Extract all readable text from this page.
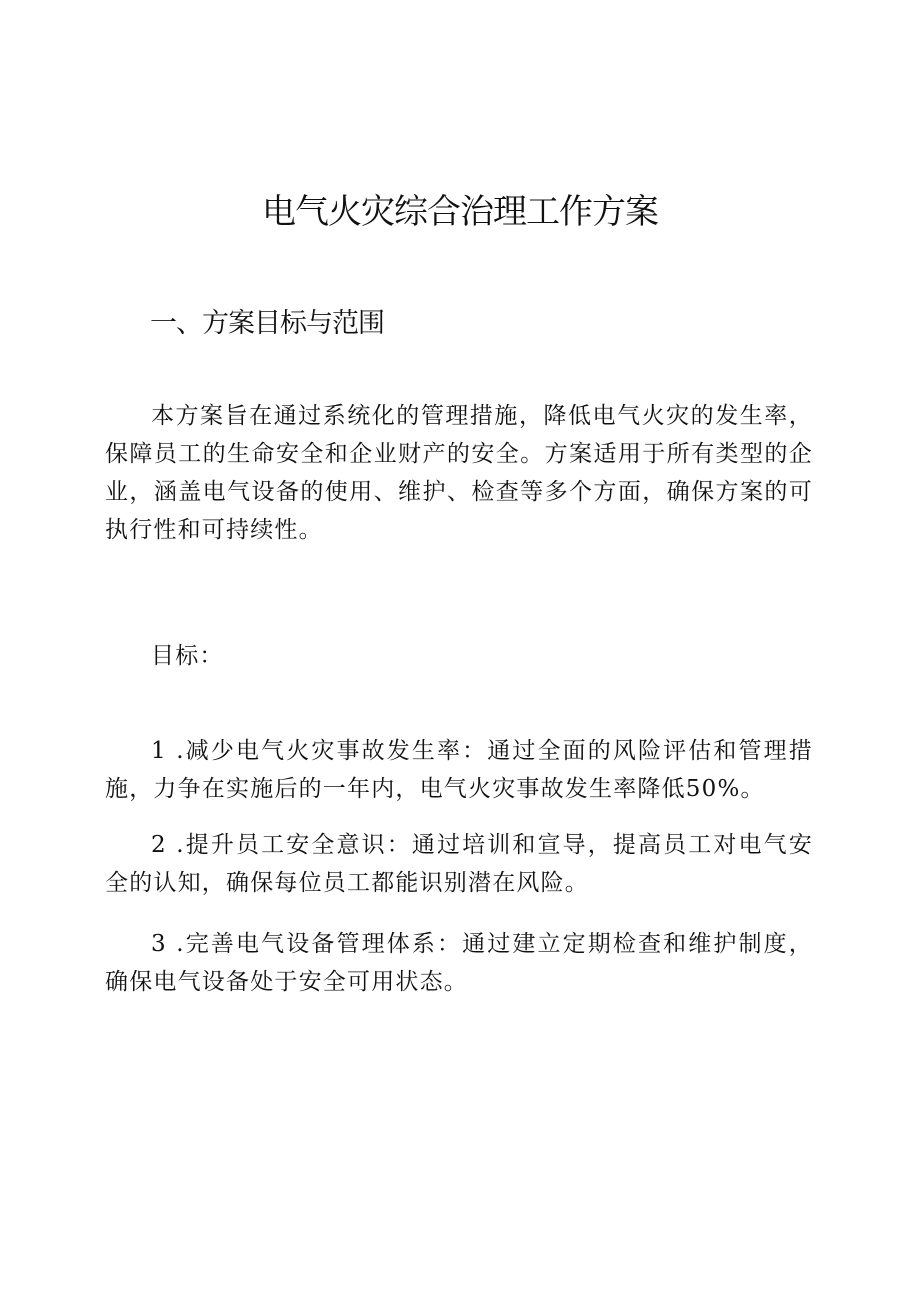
电气火灾综合治理工作方案
一、方案目标与范围

本方案旨在通过系统化的管理措施，降低电气火灾的发生率，保障员工的生命安全和企业财产的安全。方案适用于所有类型的企业，涵盖电气设备的使用、维护、检查等多个方面，确保方案的可执行性和可持续性。

目标：

1 .减少电气火灾事故发生率：通过全面的风险评估和管理措施，力争在实施后的一年内，电气火灾事故发生率降低50%。

2 .提升员工安全意识：通过培训和宣导，提高员工对电气安全的认知，确保每位员工都能识别潜在风险。

3 .完善电气设备管理体系：通过建立定期检查和维护制度，确保电气设备处于安全可用状态。
